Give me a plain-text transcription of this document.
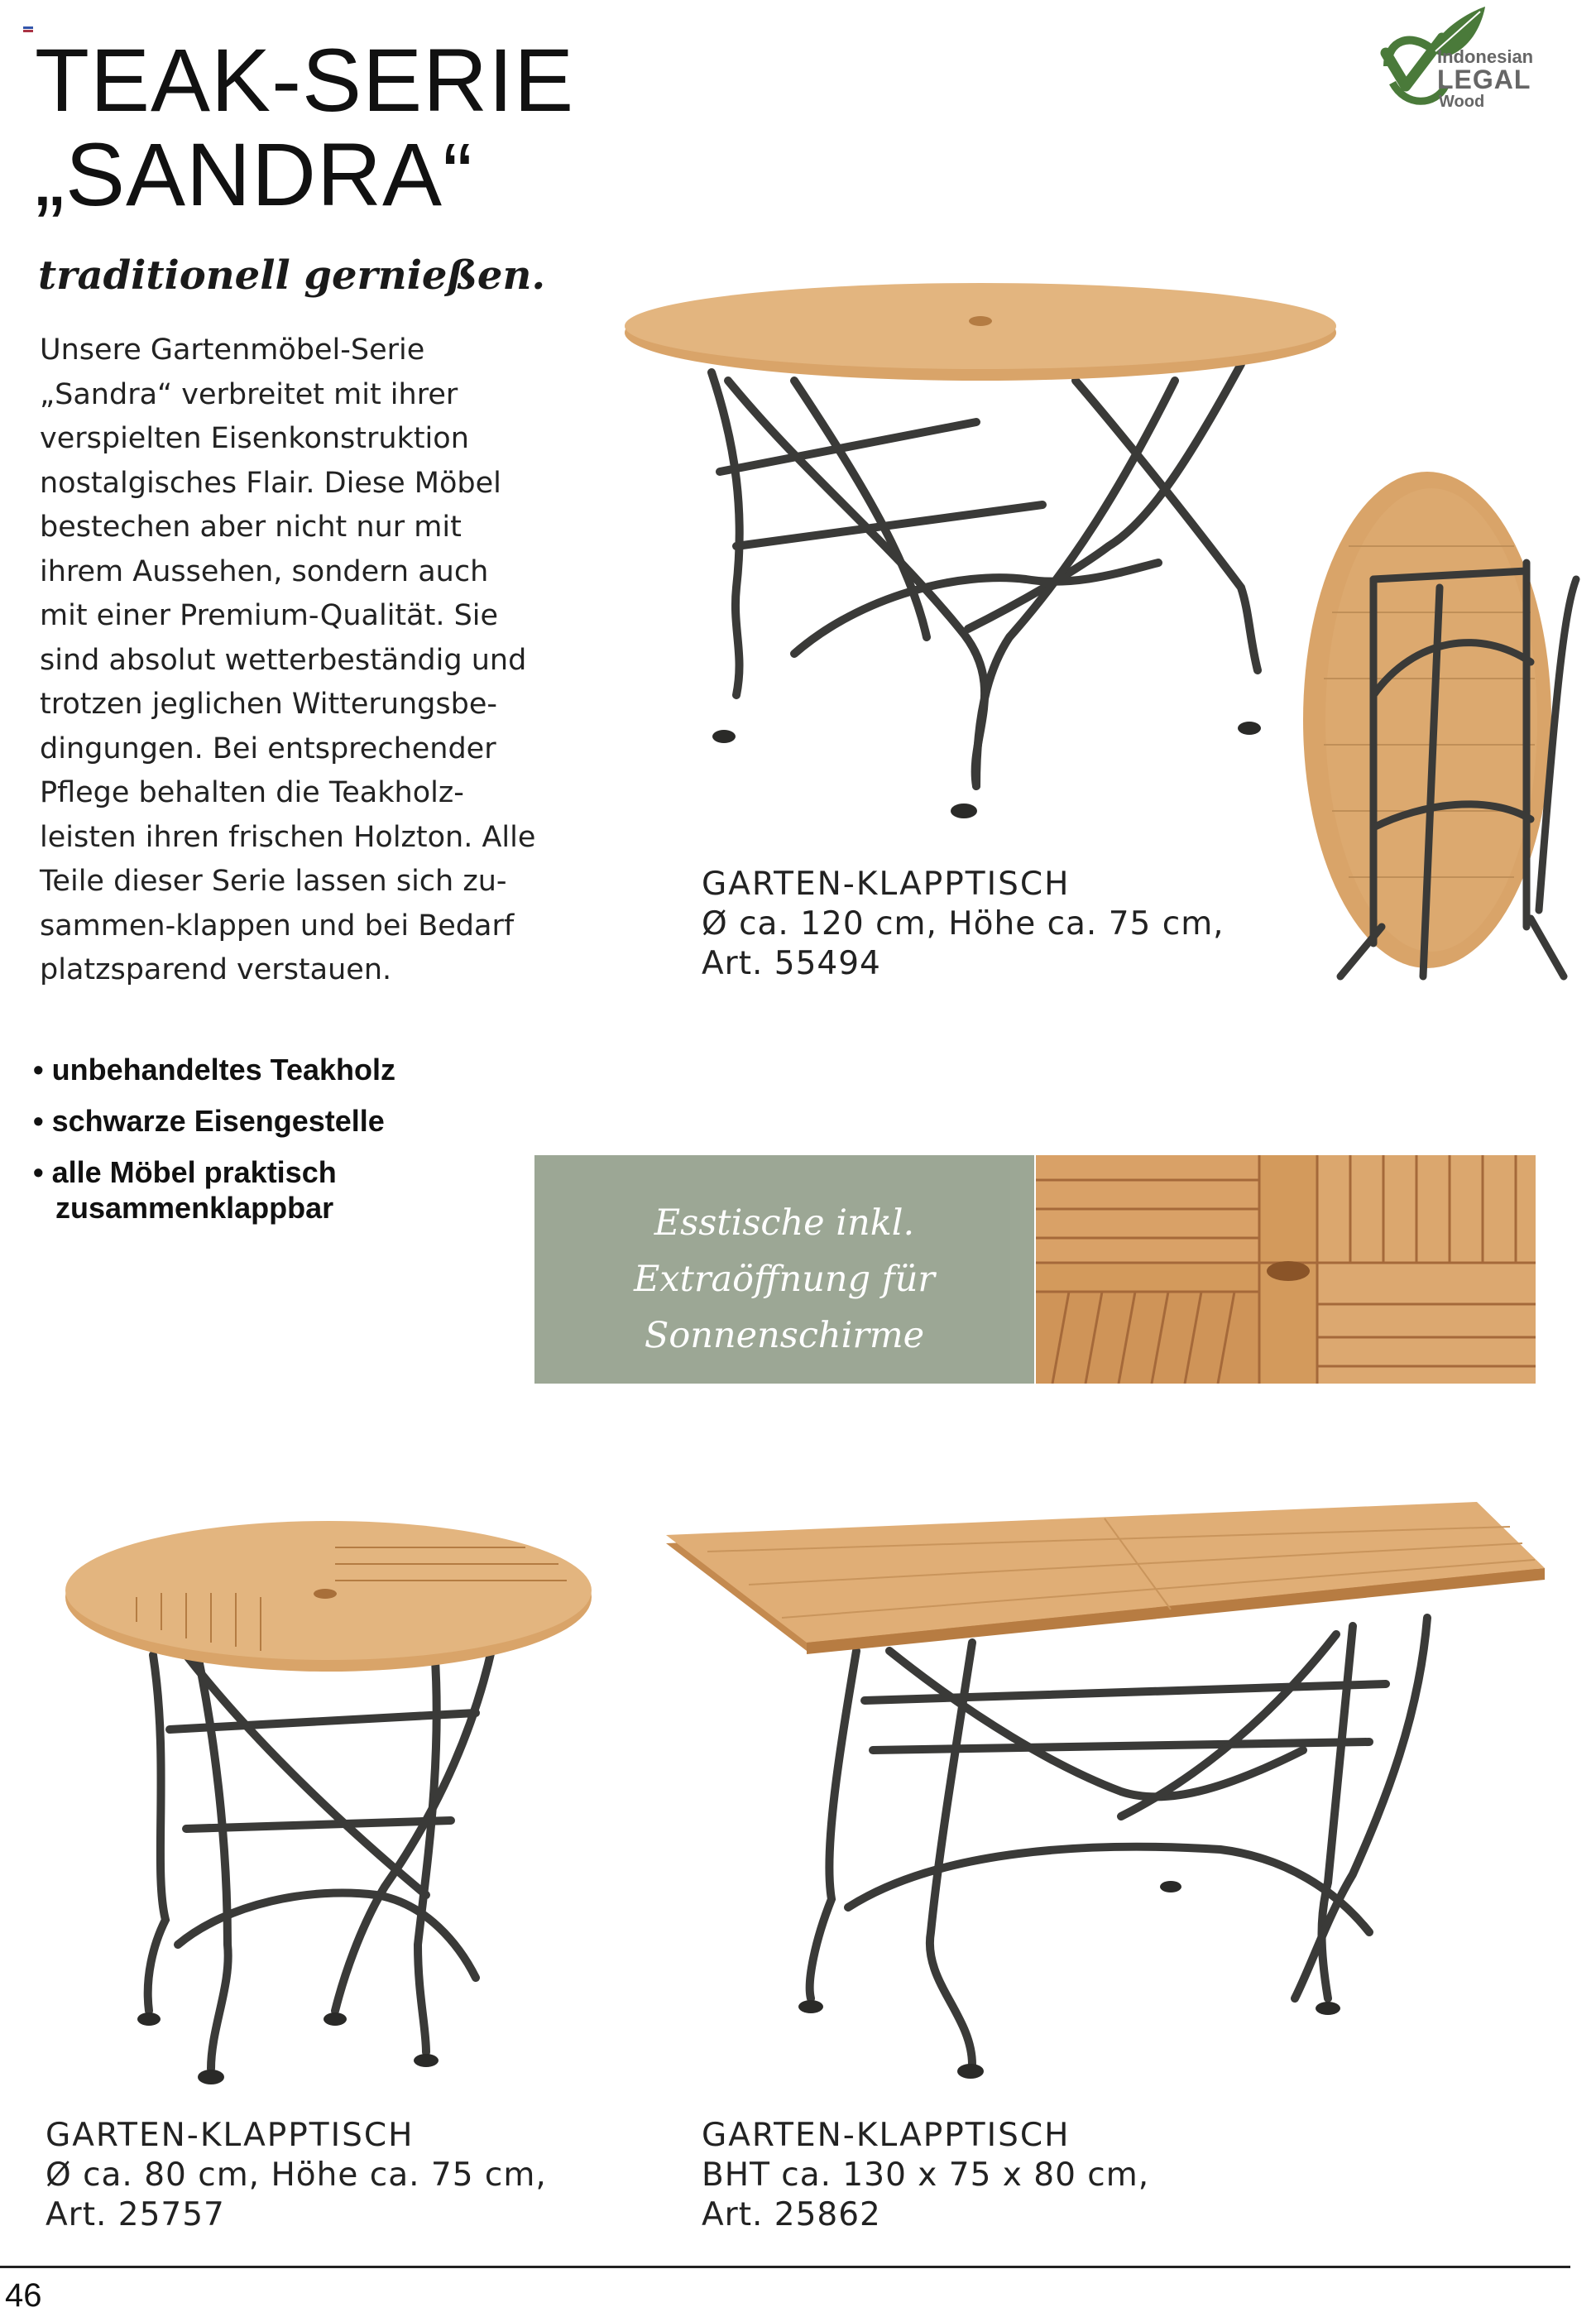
TEAK-SERIE
„SANDRA“
traditionell gernießen.
Indonesian
LEGAL
Wood
Unsere Gartenmöbel-Serie
„Sandra“ verbreitet mit ihrer
verspielten Eisenkonstruktion
nostalgisches Flair. Diese Möbel
bestechen aber nicht nur mit
ihrem Aussehen, sondern auch
mit einer Premium-Qualität. Sie
sind absolut wetterbeständig und
trotzen jeglichen Witterungsbe-
dingungen. Bei entsprechender
Pflege behalten die Teakholz-
leisten ihren frischen Holzton. Alle
Teile dieser Serie lassen sich zu-
sammen-klappen und bei Bedarf
platzsparend verstauen.
• unbehandeltes Teakholz
• schwarze Eisengestelle
• alle Möbel praktisch
zusammenklappbar
GARTEN-KLAPPTISCH
Ø ca. 120 cm, Höhe ca. 75 cm,
Art. 55494
Esstische inkl.
Extraöffnung für
Sonnenschirme
GARTEN-KLAPPTISCH
Ø ca. 80 cm, Höhe ca. 75 cm,
Art. 25757
GARTEN-KLAPPTISCH
BHT ca. 130 x 75 x 80 cm,
Art. 25862
46
